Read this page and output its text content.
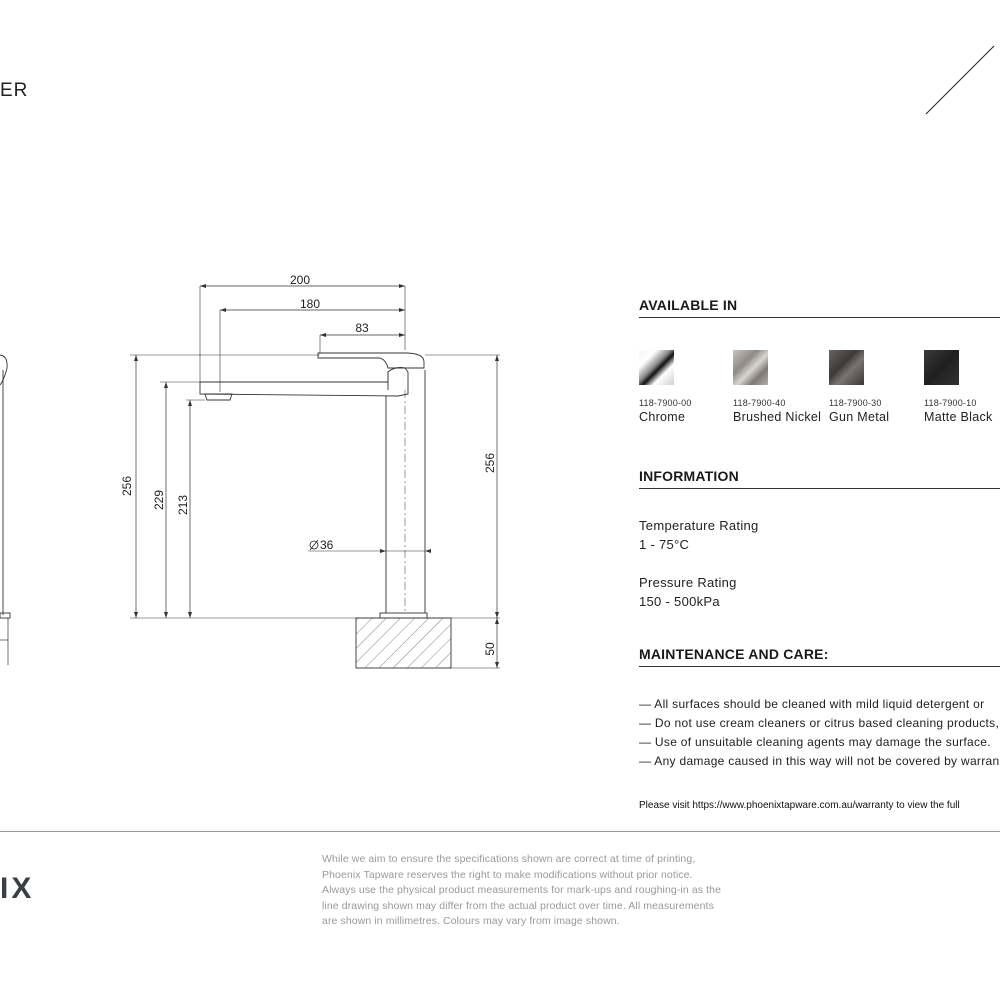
ER
200
180
83
256
229 213
256
50
36
AVAILABLE IN
118-7900-00
Chrome
118-7900-40
Brushed Nickel
118-7900-30
Gun Metal
118-7900-10
Matte Black
INFORMATION
Temperature Rating
1 - 75°C
Pressure Rating
150 - 500kPa
MAINTENANCE AND CARE:
— All surfaces should be cleaned with mild liquid detergent or
— Do not use cream cleaners or citrus based cleaning products,
— Use of unsuitable cleaning agents may damage the surface.
— Any damage caused in this way will not be covered by warran
Please visit https://www.phoenixtapware.com.au/warranty to view the full
IX
While we aim to ensure the specifications shown are correct at time of printing,
Phoenix Tapware reserves the right to make modifications without prior notice.
Always use the physical product measurements for mark-ups and roughing-in as the
line drawing shown may differ from the actual product over time. All measurements
are shown in millimetres. Colours may vary from image shown.
